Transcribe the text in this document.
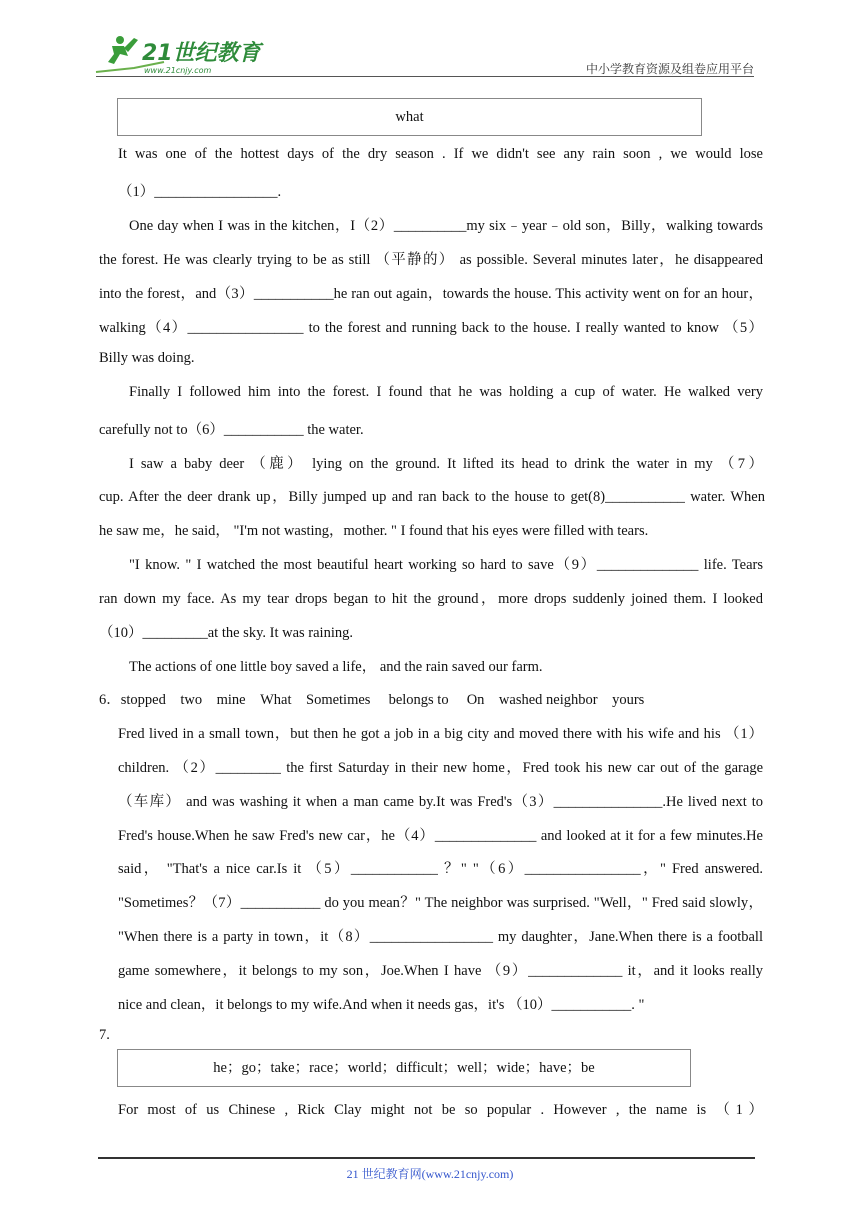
21世纪教育
www.21cnjy.com	中小学教育资源及组卷应用平台
what
It was one of the hottest days of the dry season . If we didn't see any rain soon , we would lose
（1）_________________.
One day when I was in the kitchen，I（2）__________my six﹣year﹣old son，Billy，walking towards
the forest. He was clearly trying to be as still （平静的） as possible. Several minutes later，he disappeared
into the forest，and（3）___________he ran out again，towards the house. This activity went on for an hour，
walking（4）________________ to the forest and running back to the house. I really wanted to know （5）
Billy was doing.
Finally I followed him into the forest. I found that he was holding a cup of water. He walked very
carefully not to（6）___________ the water.
I saw a baby deer （鹿） lying on the ground. It lifted its head to drink the water in my （7）
cup. After the deer drank up，Billy jumped up and ran back to the house to get(8)___________ water. When
he saw me，he said， "I'm not wasting，mother. " I found that his eyes were filled with tears.
"I know. " I watched the most beautiful heart working so hard to save（9）______________ life. Tears
ran down my face. As my tear drops began to hit the ground，more drops suddenly joined them. I looked
（10）_________at the sky. It was raining.
The actions of one little boy saved a life， and the rain saved our farm.
6．stopped　two　mine　What　Sometimes　 belongs to　 On　washed neighbor　yours
Fred lived in a small town，but then he got a job in a big city and moved there with his wife and his （1）
children. （2）_________ the first Saturday in their new home，Fred took his new car out of the garage
（车库） and was washing it when a man came by.It was Fred's（3）_______________.He lived next to
Fred's house.When he saw Fred's new car，he（4）______________ and looked at it for a few minutes.He
said， "That's a nice car.Is it （5）____________ ？" "（6）________________，" Fred answered.
"Sometimes？（7）___________ do you mean？" The neighbor was surprised. "Well，" Fred said slowly，
"When there is a party in town，it（8）_________________ my daughter，Jane.When there is a football
game somewhere，it belongs to my son，Joe.When I have （9）_____________ it，and it looks really
nice and clean，it belongs to my wife.And when it needs gas，it's （10）___________. "
7.
he；go；take；race；world；difficult；well；wide；have；be
For most of us Chinese , Rick Clay might not be so popular . However , the name is （1）
21 世纪教育网(www.21cnjy.com)
